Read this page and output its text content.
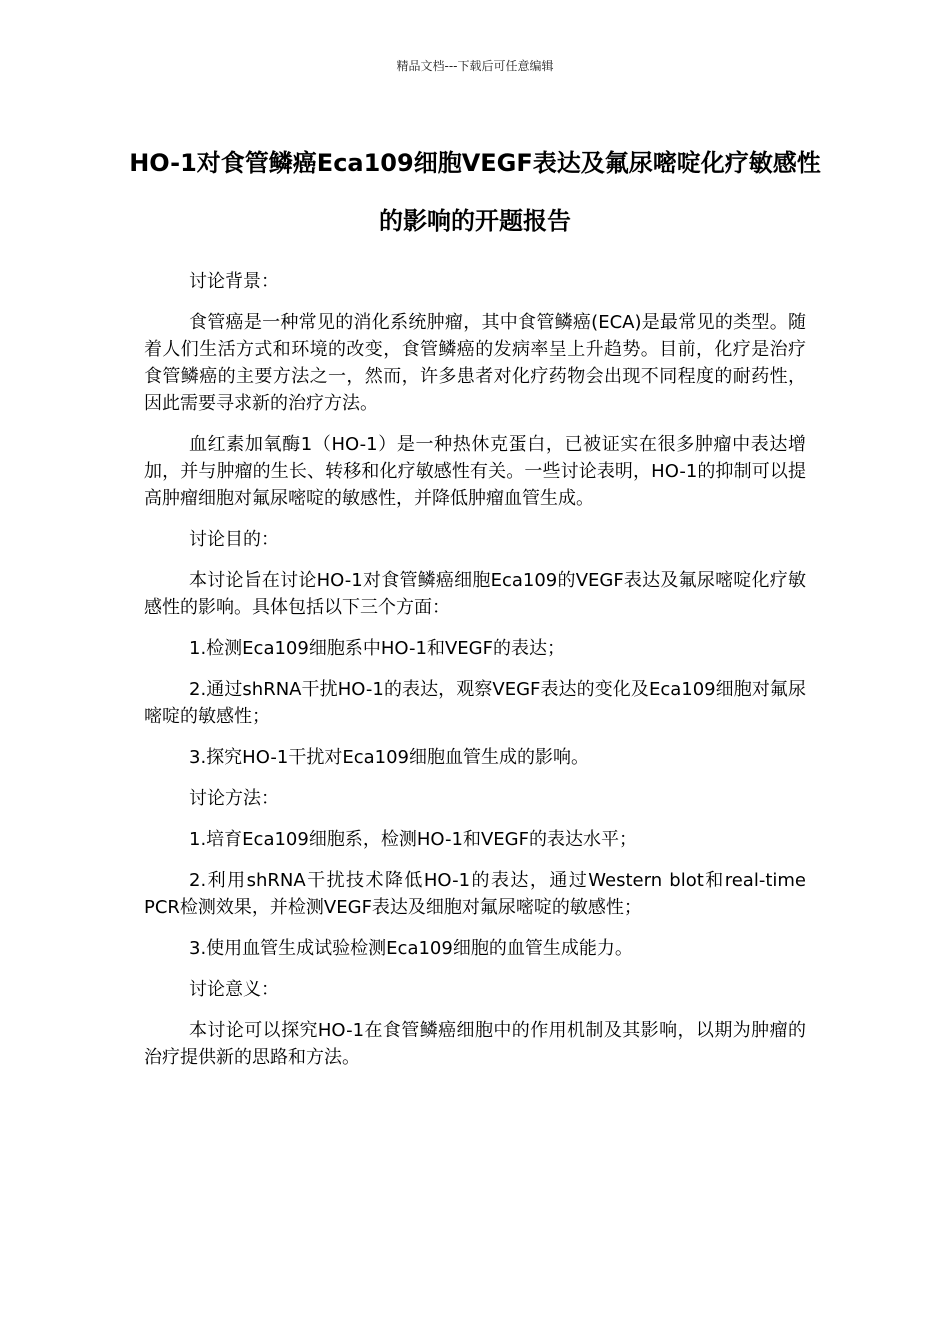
精品文档---下载后可任意编辑
HO-1对食管鳞癌Eca109细胞VEGF表达及氟尿嘧啶化疗敏感性的影响的开题报告

讨论背景：

食管癌是一种常见的消化系统肿瘤，其中食管鳞癌(ECA)是最常见的类型。随着人们生活方式和环境的改变，食管鳞癌的发病率呈上升趋势。目前，化疗是治疗食管鳞癌的主要方法之一，然而，许多患者对化疗药物会出现不同程度的耐药性，因此需要寻求新的治疗方法。

血红素加氧酶1（HO-1）是一种热休克蛋白，已被证实在很多肿瘤中表达增加，并与肿瘤的生长、转移和化疗敏感性有关。一些讨论表明，HO-1的抑制可以提高肿瘤细胞对氟尿嘧啶的敏感性，并降低肿瘤血管生成。

讨论目的：

本讨论旨在讨论HO-1对食管鳞癌细胞Eca109的VEGF表达及氟尿嘧啶化疗敏感性的影响。具体包括以下三个方面：

1.检测Eca109细胞系中HO-1和VEGF的表达；

2.通过shRNA干扰HO-1的表达，观察VEGF表达的变化及Eca109细胞对氟尿嘧啶的敏感性；

3.探究HO-1干扰对Eca109细胞血管生成的影响。

讨论方法：

1.培育Eca109细胞系，检测HO-1和VEGF的表达水平；

2.利用shRNA干扰技术降低HO-1的表达，通过Western blot和real-time PCR检测效果，并检测VEGF表达及细胞对氟尿嘧啶的敏感性；

3.使用血管生成试验检测Eca109细胞的血管生成能力。

讨论意义：

本讨论可以探究HO-1在食管鳞癌细胞中的作用机制及其影响，以期为肿瘤的治疗提供新的思路和方法。
